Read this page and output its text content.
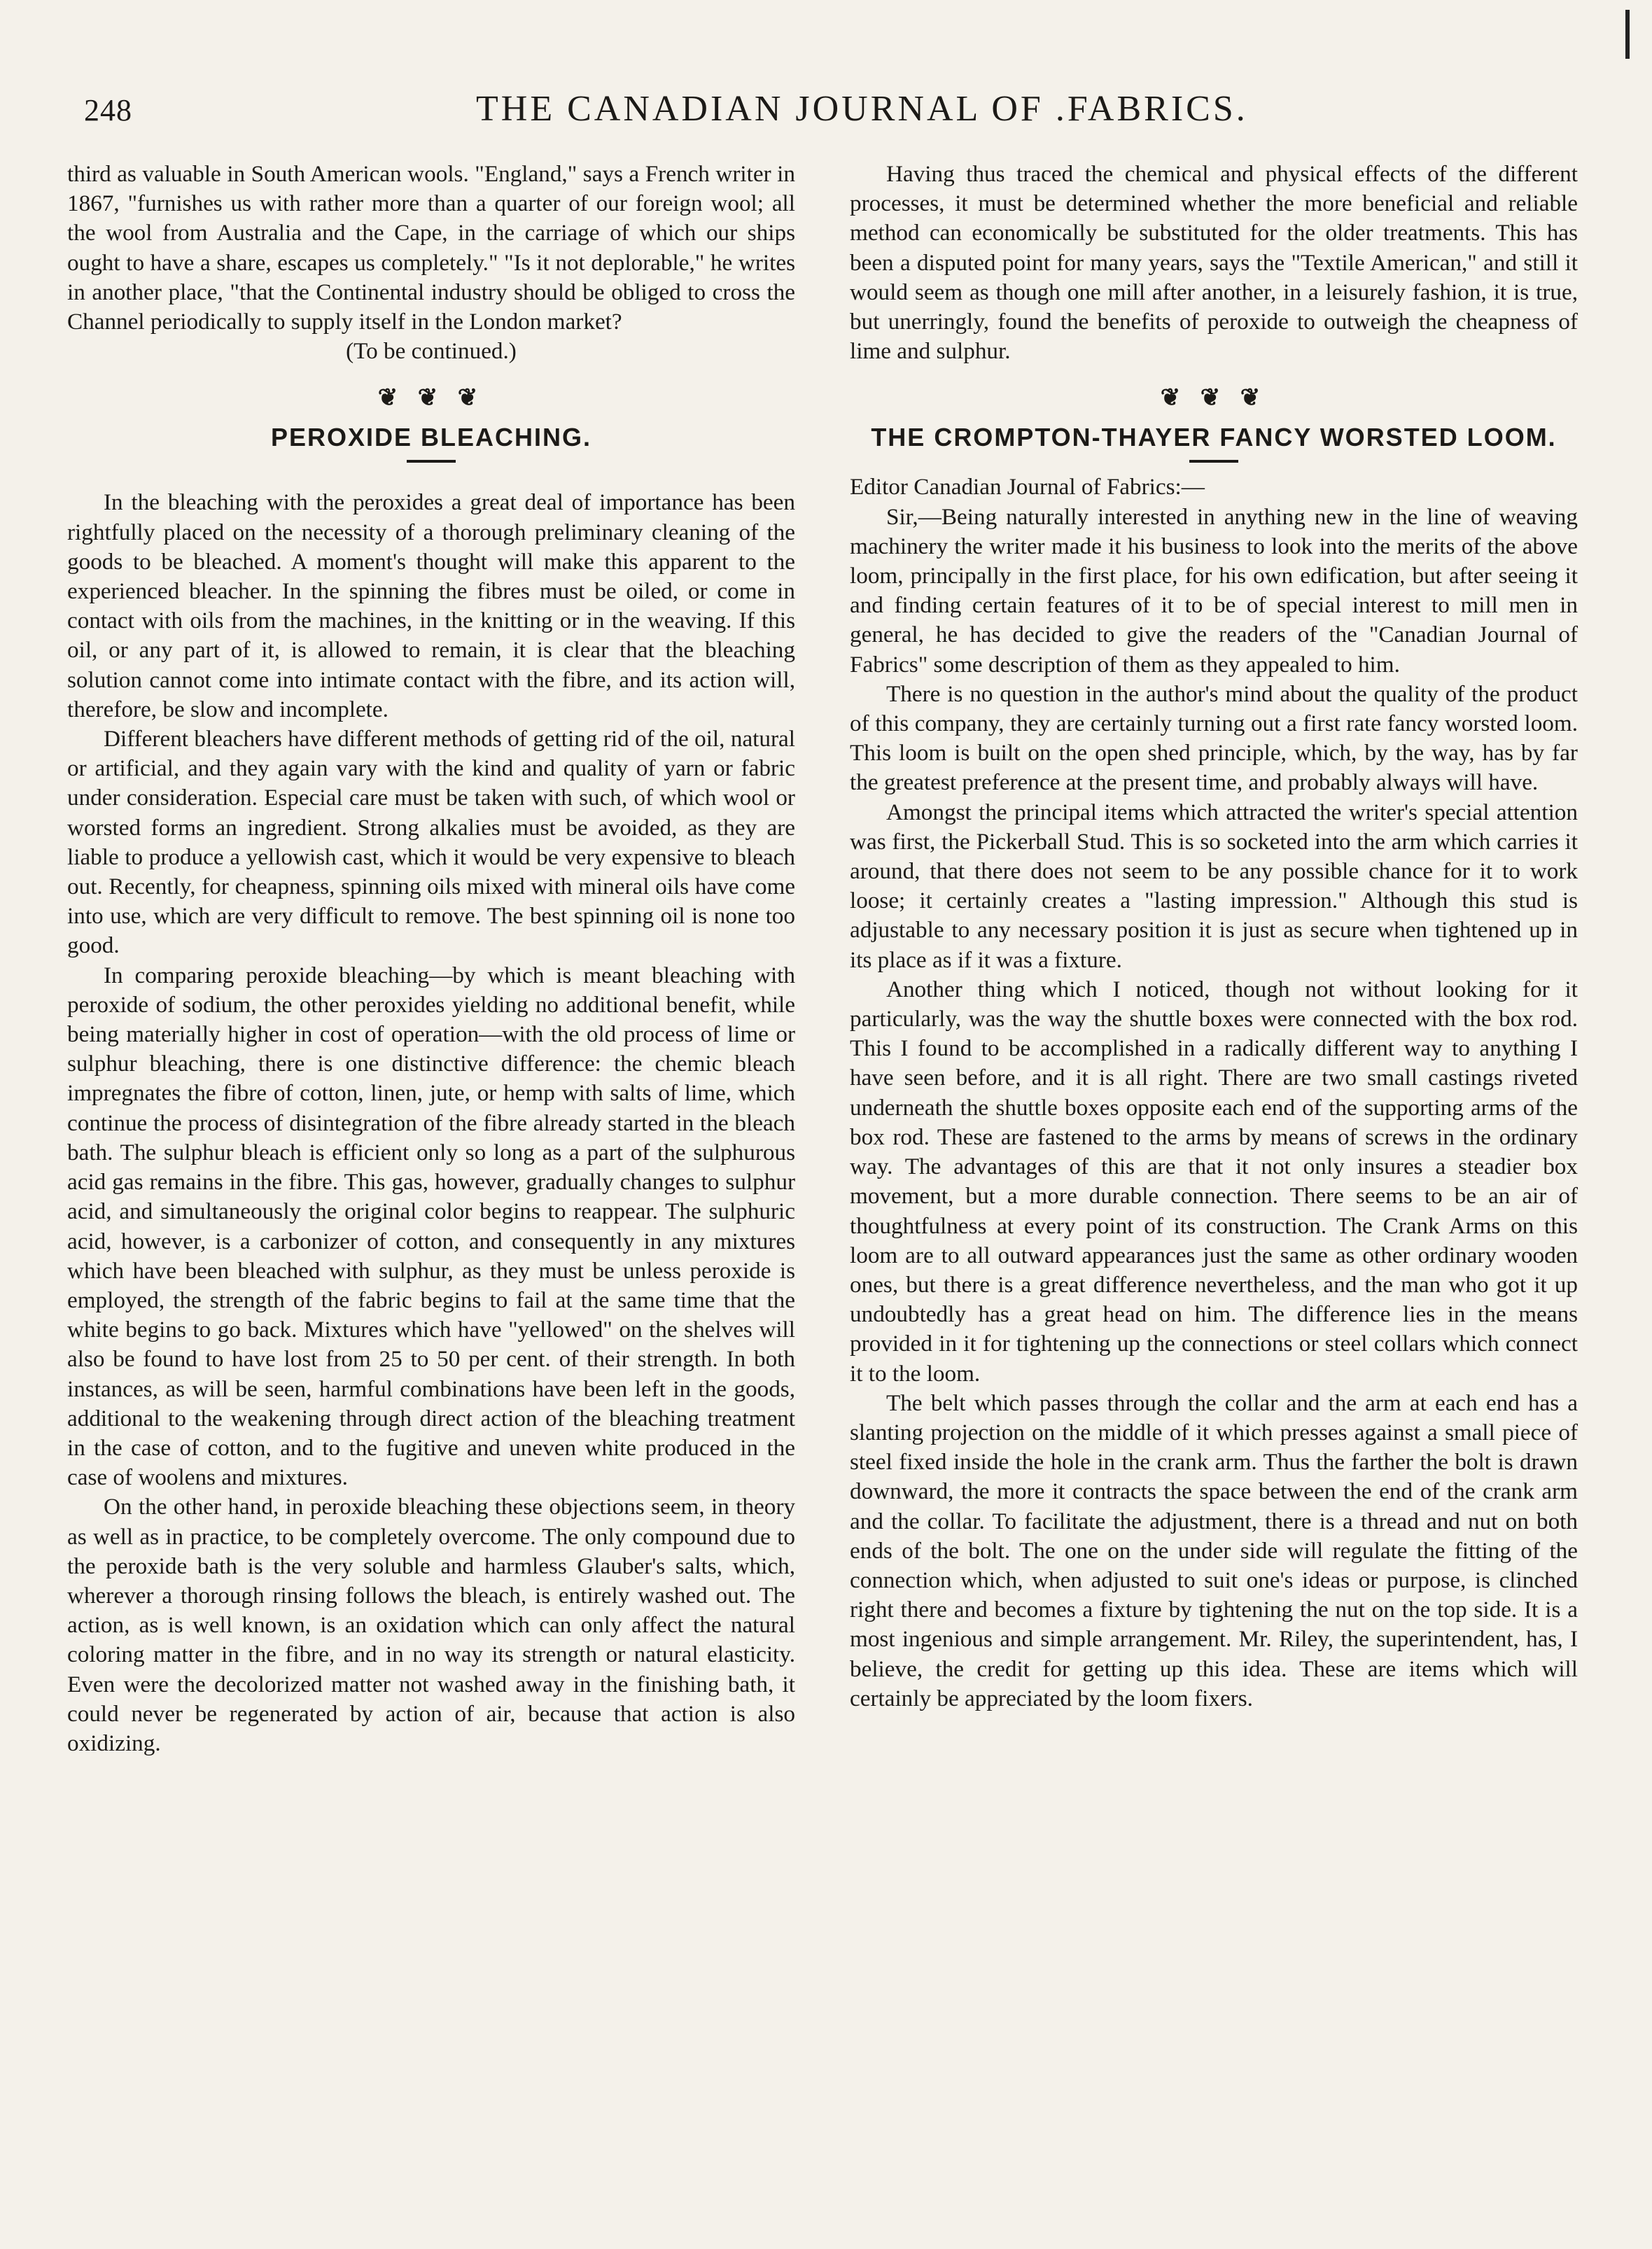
248	THE CANADIAN JOURNAL OF .FABRICS.

third as valuable in South American wools. "England," says a French writer in 1867, "furnishes us with rather more than a quarter of our foreign wool; all the wool from Australia and the Cape, in the carriage of which our ships ought to have a share, escapes us completely." "Is it not deplorable," he writes in another place, "that the Continental industry should be obliged to cross the Channel periodically to supply itself in the London market?

(To be continued.)

❦ ❦ ❦
PEROXIDE BLEACHING.

In the bleaching with the peroxides a great deal of importance has been rightfully placed on the necessity of a thorough preliminary cleaning of the goods to be bleached. A moment's thought will make this apparent to the experienced bleacher. In the spinning the fibres must be oiled, or come in contact with oils from the machines, in the knitting or in the weaving. If this oil, or any part of it, is allowed to remain, it is clear that the bleaching solution cannot come into intimate contact with the fibre, and its action will, therefore, be slow and incomplete.

Different bleachers have different methods of getting rid of the oil, natural or artificial, and they again vary with the kind and quality of yarn or fabric under consideration. Especial care must be taken with such, of which wool or worsted forms an ingredient. Strong alkalies must be avoided, as they are liable to produce a yellowish cast, which it would be very expensive to bleach out. Recently, for cheapness, spinning oils mixed with mineral oils have come into use, which are very difficult to remove. The best spinning oil is none too good.

In comparing peroxide bleaching—by which is meant bleaching with peroxide of sodium, the other peroxides yielding no additional benefit, while being materially higher in cost of operation—with the old process of lime or sulphur bleaching, there is one distinctive difference: the chemic bleach impregnates the fibre of cotton, linen, jute, or hemp with salts of lime, which continue the process of disintegration of the fibre already started in the bleach bath. The sulphur bleach is efficient only so long as a part of the sulphurous acid gas remains in the fibre. This gas, however, gradually changes to sulphur acid, and simultaneously the original color begins to reappear. The sulphuric acid, however, is a carbonizer of cotton, and consequently in any mixtures which have been bleached with sulphur, as they must be unless peroxide is employed, the strength of the fabric begins to fail at the same time that the white begins to go back. Mixtures which have "yellowed" on the shelves will also be found to have lost from 25 to 50 per cent. of their strength. In both instances, as will be seen, harmful combinations have been left in the goods, additional to the weakening through direct action of the bleaching treatment in the case of cotton, and to the fugitive and uneven white produced in the case of woolens and mixtures.

On the other hand, in peroxide bleaching these objections seem, in theory as well as in practice, to be completely overcome. The only compound due to the peroxide bath is the very soluble and harmless Glauber's salts, which, wherever a thorough rinsing follows the bleach, is entirely washed out. The action, as is well known, is an oxidation which can only affect the natural coloring matter in the fibre, and in no way its strength or natural elasticity. Even were the decolorized matter not washed away in the finishing bath, it could never be regenerated by action of air, because that action is also oxidizing.

Having thus traced the chemical and physical effects of the different processes, it must be determined whether the more beneficial and reliable method can economically be substituted for the older treatments. This has been a disputed point for many years, says the "Textile American," and still it would seem as though one mill after another, in a leisurely fashion, it is true, but unerringly, found the benefits of peroxide to outweigh the cheapness of lime and sulphur.

❦ ❦ ❦
THE CROMPTON-THAYER FANCY WORSTED LOOM.

Editor Canadian Journal of Fabrics:—

Sir,—Being naturally interested in anything new in the line of weaving machinery the writer made it his business to look into the merits of the above loom, principally in the first place, for his own edification, but after seeing it and finding certain features of it to be of special interest to mill men in general, he has decided to give the readers of the "Canadian Journal of Fabrics" some description of them as they appealed to him.

There is no question in the author's mind about the quality of the product of this company, they are certainly turning out a first rate fancy worsted loom. This loom is built on the open shed principle, which, by the way, has by far the greatest preference at the present time, and probably always will have.

Amongst the principal items which attracted the writer's special attention was first, the Pickerball Stud. This is so socketed into the arm which carries it around, that there does not seem to be any possible chance for it to work loose; it certainly creates a "lasting impression." Although this stud is adjustable to any necessary position it is just as secure when tightened up in its place as if it was a fixture.

Another thing which I noticed, though not without looking for it particularly, was the way the shuttle boxes were connected with the box rod. This I found to be accomplished in a radically different way to anything I have seen before, and it is all right. There are two small castings riveted underneath the shuttle boxes opposite each end of the supporting arms of the box rod. These are fastened to the arms by means of screws in the ordinary way. The advantages of this are that it not only insures a steadier box movement, but a more durable connection. There seems to be an air of thoughtfulness at every point of its construction. The Crank Arms on this loom are to all outward appearances just the same as other ordinary wooden ones, but there is a great difference nevertheless, and the man who got it up undoubtedly has a great head on him. The difference lies in the means provided in it for tightening up the connections or steel collars which connect it to the loom.

The belt which passes through the collar and the arm at each end has a slanting projection on the middle of it which presses against a small piece of steel fixed inside the hole in the crank arm. Thus the farther the bolt is drawn downward, the more it contracts the space between the end of the crank arm and the collar. To facilitate the adjustment, there is a thread and nut on both ends of the bolt. The one on the under side will regulate the fitting of the connection which, when adjusted to suit one's ideas or purpose, is clinched right there and becomes a fixture by tightening the nut on the top side. It is a most ingenious and simple arrangement. Mr. Riley, the superintendent, has, I believe, the credit for getting up this idea. These are items which will certainly be appreciated by the loom fixers.
